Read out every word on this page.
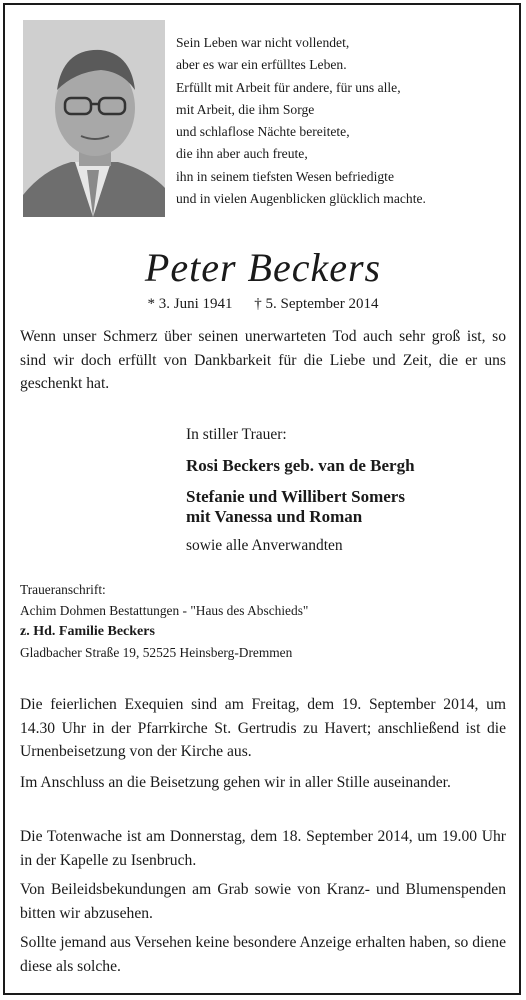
Sein Leben war nicht vollendet,
aber es war ein erfülltes Leben.
Erfüllt mit Arbeit für andere, für uns alle,
mit Arbeit, die ihm Sorge
und schlaflose Nächte bereitete,
die ihn aber auch freute,
ihn in seinem tiefsten Wesen befriedigte
und in vielen Augenblicken glücklich machte.
Peter Beckers
* 3. Juni 1941 † 5. September 2014
Wenn unser Schmerz über seinen unerwarteten Tod auch sehr groß ist, so sind wir doch erfüllt von Dankbarkeit für die Liebe und Zeit, die er uns geschenkt hat.
In stiller Trauer:
Rosi Beckers geb. van de Bergh
Stefanie und Willibert Somers
mit Vanessa und Roman
sowie alle Anverwandten
Traueranschrift:
Achim Dohmen Bestattungen - "Haus des Abschieds"
z. Hd. Familie Beckers
Gladbacher Straße 19, 52525 Heinsberg-Dremmen
Die feierlichen Exequien sind am Freitag, dem 19. September 2014, um 14.30 Uhr in der Pfarrkirche St. Gertrudis zu Havert; anschließend ist die Urnenbeisetzung von der Kirche aus.
Im Anschluss an die Beisetzung gehen wir in aller Stille auseinander.
Die Totenwache ist am Donnerstag, dem 18. September 2014, um 19.00 Uhr in der Kapelle zu Isenbruch.
Von Beileidsbekundungen am Grab sowie von Kranz- und Blumenspenden bitten wir abzusehen.
Sollte jemand aus Versehen keine besondere Anzeige erhalten haben, so diene diese als solche.
